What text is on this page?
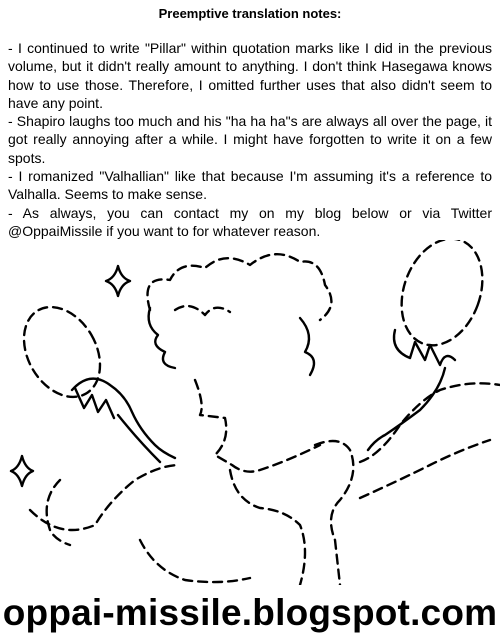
Preemptive translation notes:
- I continued to write "Pillar" within quotation marks like I did in the previous volume, but it didn't really amount to anything. I don't think Hasegawa knows how to use those. Therefore, I omitted further uses that also didn't seem to have any point.
- Shapiro laughs too much and his "ha ha ha"s are always all over the page, it got really annoying after a while. I might have forgotten to write it on a few spots.
- I romanized "Valhallian" like that because I'm assuming it's a reference to Valhalla. Seems to make sense.
- As always, you can contact my on my blog below or via Twitter @OppaiMissile if you want to for whatever reason.
oppai-missile.blogspot.com
